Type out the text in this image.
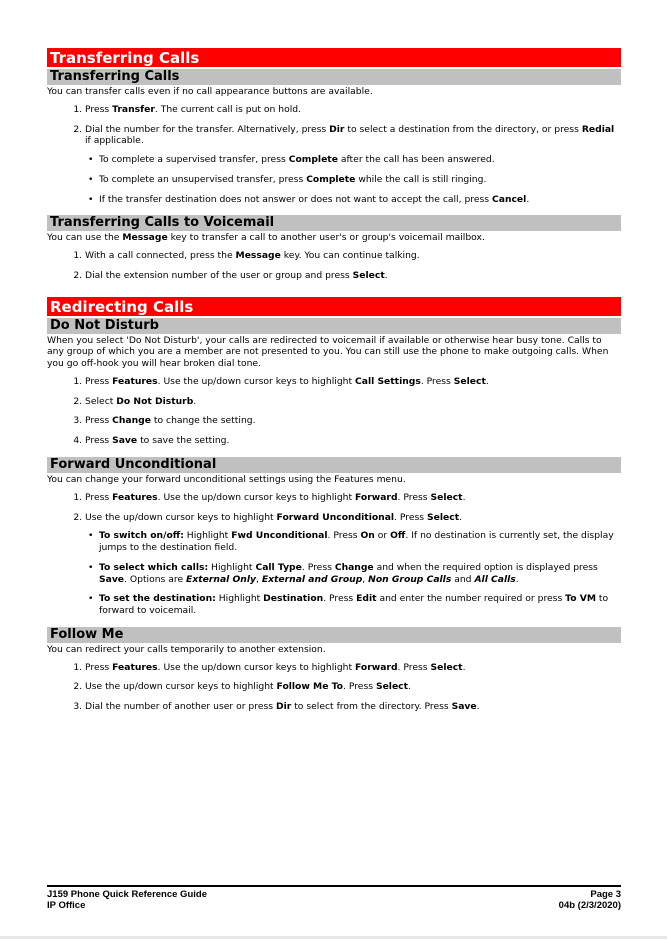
Transferring Calls
Transferring Calls

You can transfer calls even if no call appearance buttons are available.

1. Press Transfer. The current call is put on hold.
2. Dial the number for the transfer. Alternatively, press Dir to select a destination from the directory, or press Redial if applicable.
• To complete a supervised transfer, press Complete after the call has been answered.
• To complete an unsupervised transfer, press Complete while the call is still ringing.
• If the transfer destination does not answer or does not want to accept the call, press Cancel.
Transferring Calls to Voicemail

You can use the Message key to transfer a call to another user's or group's voicemail mailbox.

1. With a call connected, press the Message key. You can continue talking.
2. Dial the extension number of the user or group and press Select.
Redirecting Calls
Do Not Disturb

When you select 'Do Not Disturb', your calls are redirected to voicemail if available or otherwise hear busy tone. Calls to any group of which you are a member are not presented to you. You can still use the phone to make outgoing calls. When you go off-hook you will hear broken dial tone.

1. Press Features. Use the up/down cursor keys to highlight Call Settings. Press Select.
2. Select Do Not Disturb.
3. Press Change to change the setting.
4. Press Save to save the setting.
Forward Unconditional

You can change your forward unconditional settings using the Features menu.

1. Press Features. Use the up/down cursor keys to highlight Forward. Press Select.
2. Use the up/down cursor keys to highlight Forward Unconditional. Press Select.
• To switch on/off: Highlight Fwd Unconditional. Press On or Off. If no destination is currently set, the display jumps to the destination field.
• To select which calls: Highlight Call Type. Press Change and when the required option is displayed press Save. Options are External Only, External and Group, Non Group Calls and All Calls.
• To set the destination: Highlight Destination. Press Edit and enter the number required or press To VM to forward to voicemail.
Follow Me

You can redirect your calls temporarily to another extension.

1. Press Features. Use the up/down cursor keys to highlight Forward. Press Select.
2. Use the up/down cursor keys to highlight Follow Me To. Press Select.
3. Dial the number of another user or press Dir to select from the directory. Press Save.
J159 Phone Quick Reference Guide	Page 3
IP Office	04b (2/3/2020)
